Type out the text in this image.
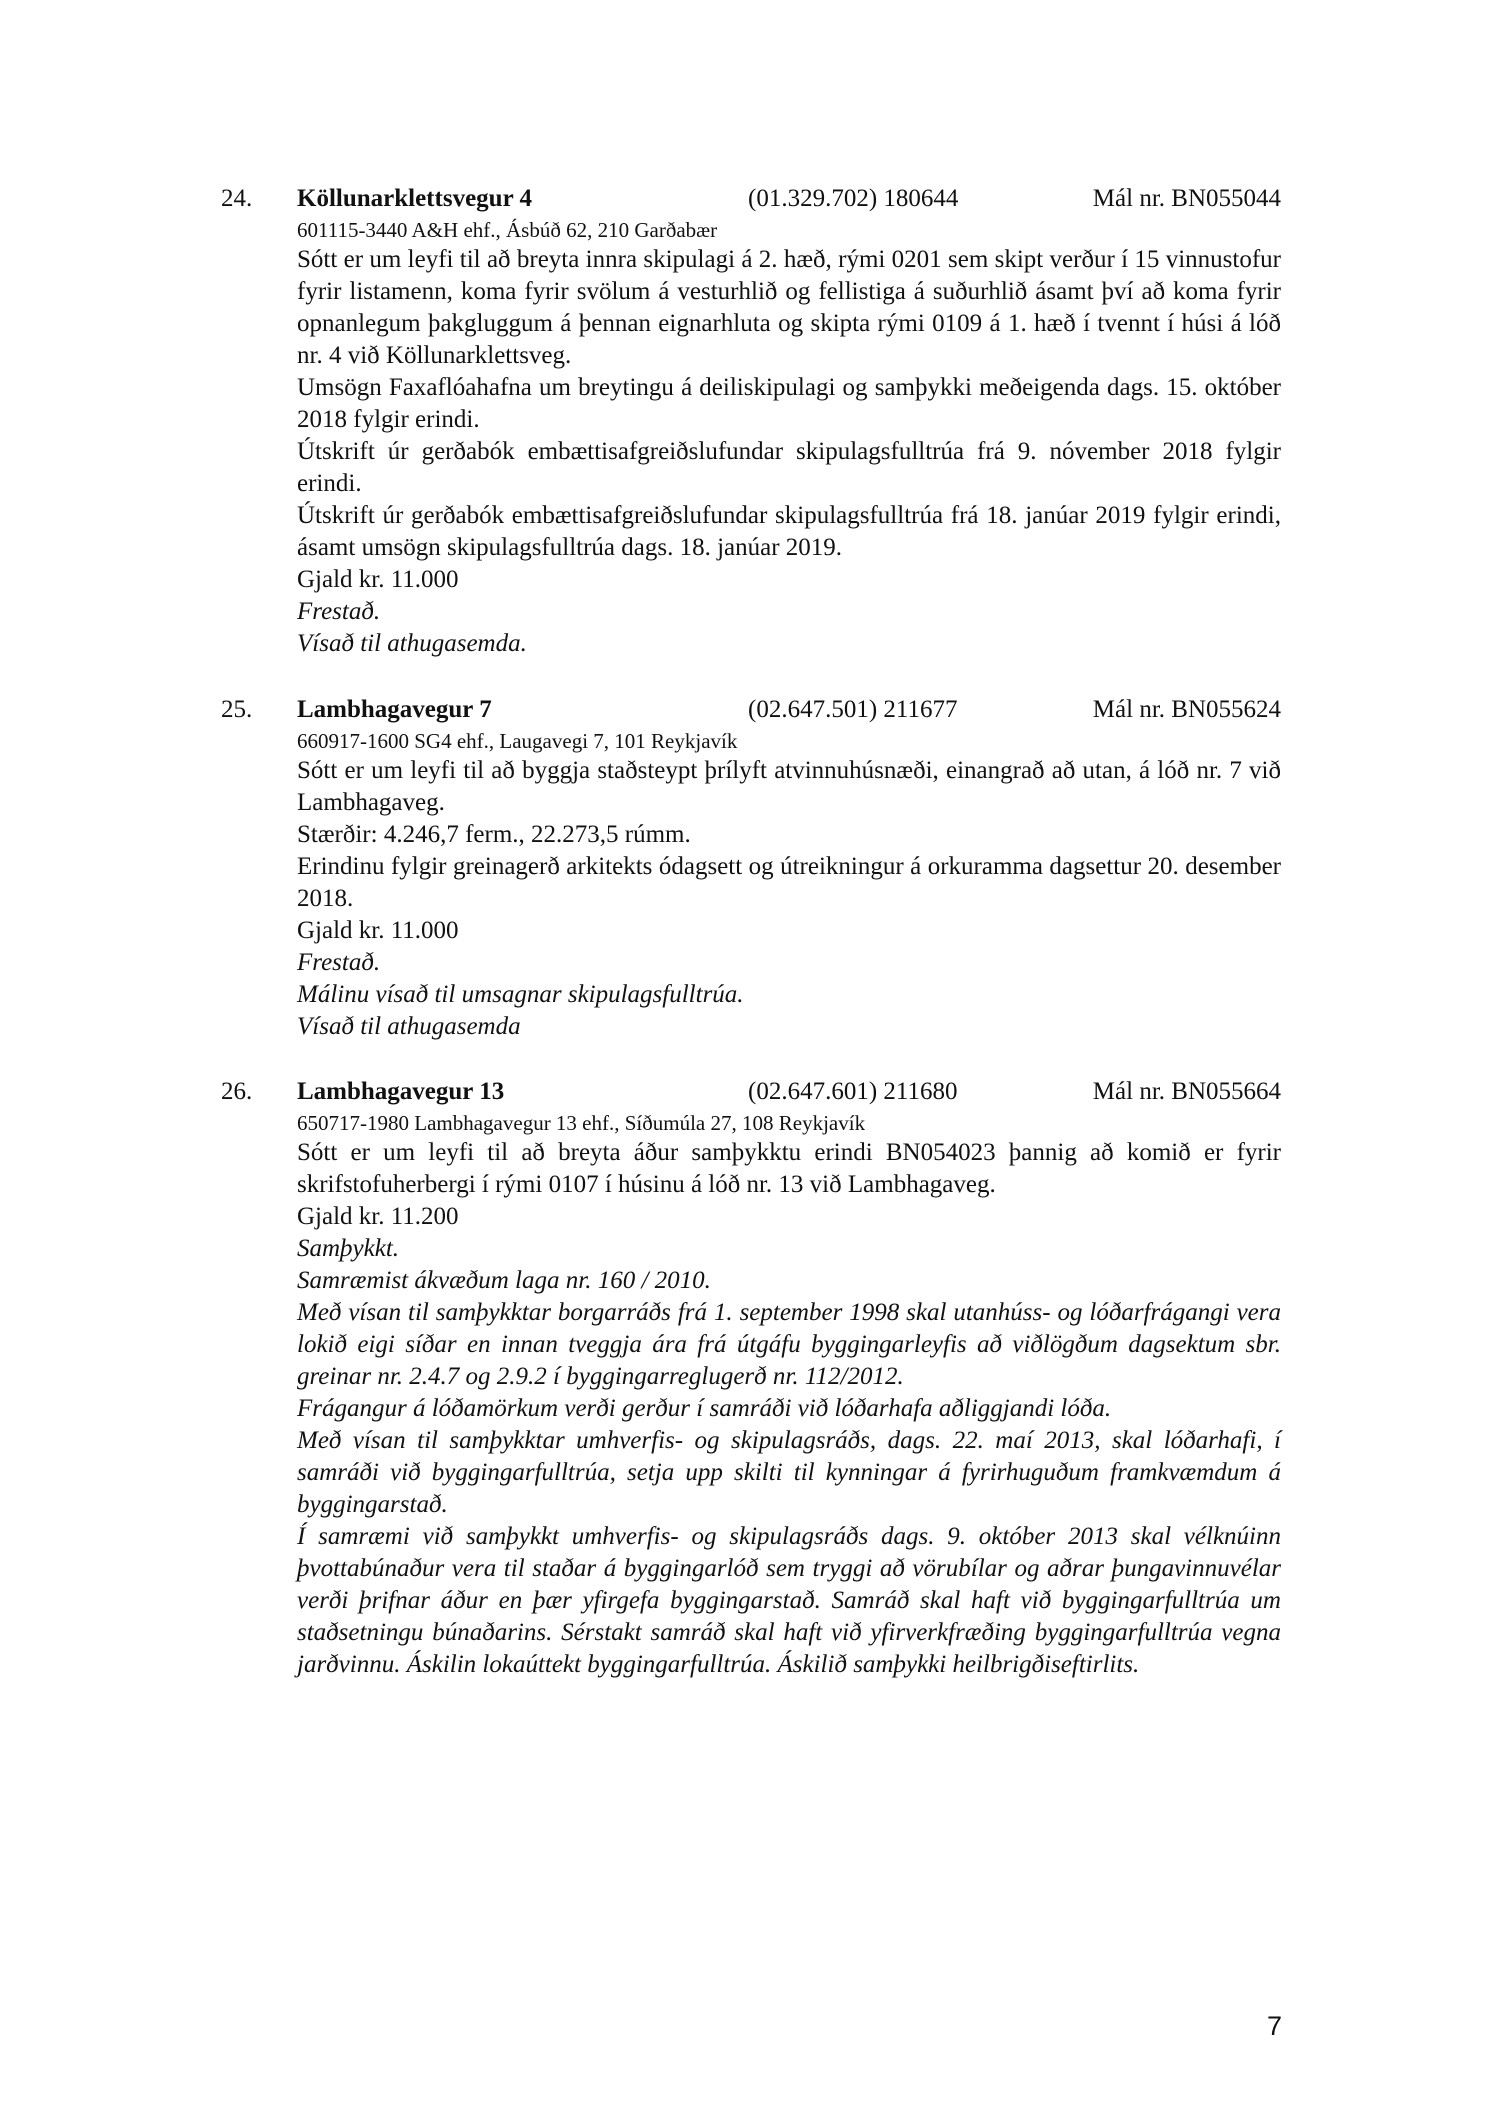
24. Köllunarklettsvegur 4	(01.329.702) 180644	Mál nr. BN055044
601115-3440 A&H ehf., Ásbúð 62, 210 Garðabær

Sótt er um leyfi til að breyta innra skipulagi á 2. hæð, rými 0201 sem skipt verður í 15 vinnustofur fyrir listamenn, koma fyrir svölum á vesturhlið og fellistiga á suðurhlið ásamt því að koma fyrir opnanlegum þakgluggum á þennan eignarhluta og skipta rými 0109 á 1. hæð í tvennt í húsi á lóð nr. 4 við Köllunarklettsveg.

Umsögn Faxaflóahafna um breytingu á deiliskipulagi og samþykki meðeigenda dags. 15. október 2018 fylgir erindi.

Útskrift úr gerðabók embættisafgreiðslufundar skipulagsfulltrúa frá 9. nóvember 2018 fylgir erindi.

Útskrift úr gerðabók embættisafgreiðslufundar skipulagsfulltrúa frá 18. janúar 2019 fylgir erindi, ásamt umsögn skipulagsfulltrúa dags. 18. janúar 2019.

Gjald kr. 11.000

Frestað.

Vísað til athugasemda.

25. Lambhagavegur 7	(02.647.501) 211677	Mál nr. BN055624
660917-1600 SG4 ehf., Laugavegi 7, 101 Reykjavík

Sótt er um leyfi til að byggja staðsteypt þrílyft atvinnuhúsnæði, einangrað að utan, á lóð nr. 7 við Lambhagaveg.

Stærðir: 4.246,7 ferm., 22.273,5 rúmm.

Erindinu fylgir greinagerð arkitekts ódagsett og útreikningur á orkuramma dagsettur 20. desember 2018.

Gjald kr. 11.000

Frestað.

Málinu vísað til umsagnar skipulagsfulltrúa.

Vísað til athugasemda

26. Lambhagavegur 13	(02.647.601) 211680	Mál nr. BN055664
650717-1980 Lambhagavegur 13 ehf., Síðumúla 27, 108 Reykjavík

Sótt er um leyfi til að breyta áður samþykktu erindi BN054023 þannig að komið er fyrir skrifstofuherbergi í rými 0107 í húsinu á lóð nr. 13 við Lambhagaveg.

Gjald kr. 11.200

Samþykkt.

Samræmist ákvæðum laga nr. 160 / 2010.

Með vísan til samþykktar borgarráðs frá 1. september 1998 skal utanhúss- og lóðarfrágangi vera lokið eigi síðar en innan tveggja ára frá útgáfu byggingarleyfis að viðlögðum dagsektum sbr. greinar nr. 2.4.7 og 2.9.2 í byggingarreglugerð nr. 112/2012.

Frágangur á lóðamörkum verði gerður í samráði við lóðarhafa aðliggjandi lóða.

Með vísan til samþykktar umhverfis- og skipulagsráðs, dags. 22. maí 2013, skal lóðarhafi, í samráði við byggingarfulltrúa, setja upp skilti til kynningar á fyrirhuguðum framkvæmdum á byggingarstað.

Í samræmi við samþykkt umhverfis- og skipulagsráðs dags. 9. október 2013 skal vélknúinn þvottabúnaður vera til staðar á byggingarlóð sem tryggi að vörubílar og aðrar þungavinnuvélar verði þrifnar áður en þær yfirgefa byggingarstað. Samráð skal haft við byggingarfulltrúa um staðsetningu búnaðarins. Sérstakt samráð skal haft við yfirverkfræðing byggingarfulltrúa vegna jarðvinnu. Áskilin lokaúttekt byggingarfulltrúa. Áskilið samþykki heilbrigðiseftirlits.

7
